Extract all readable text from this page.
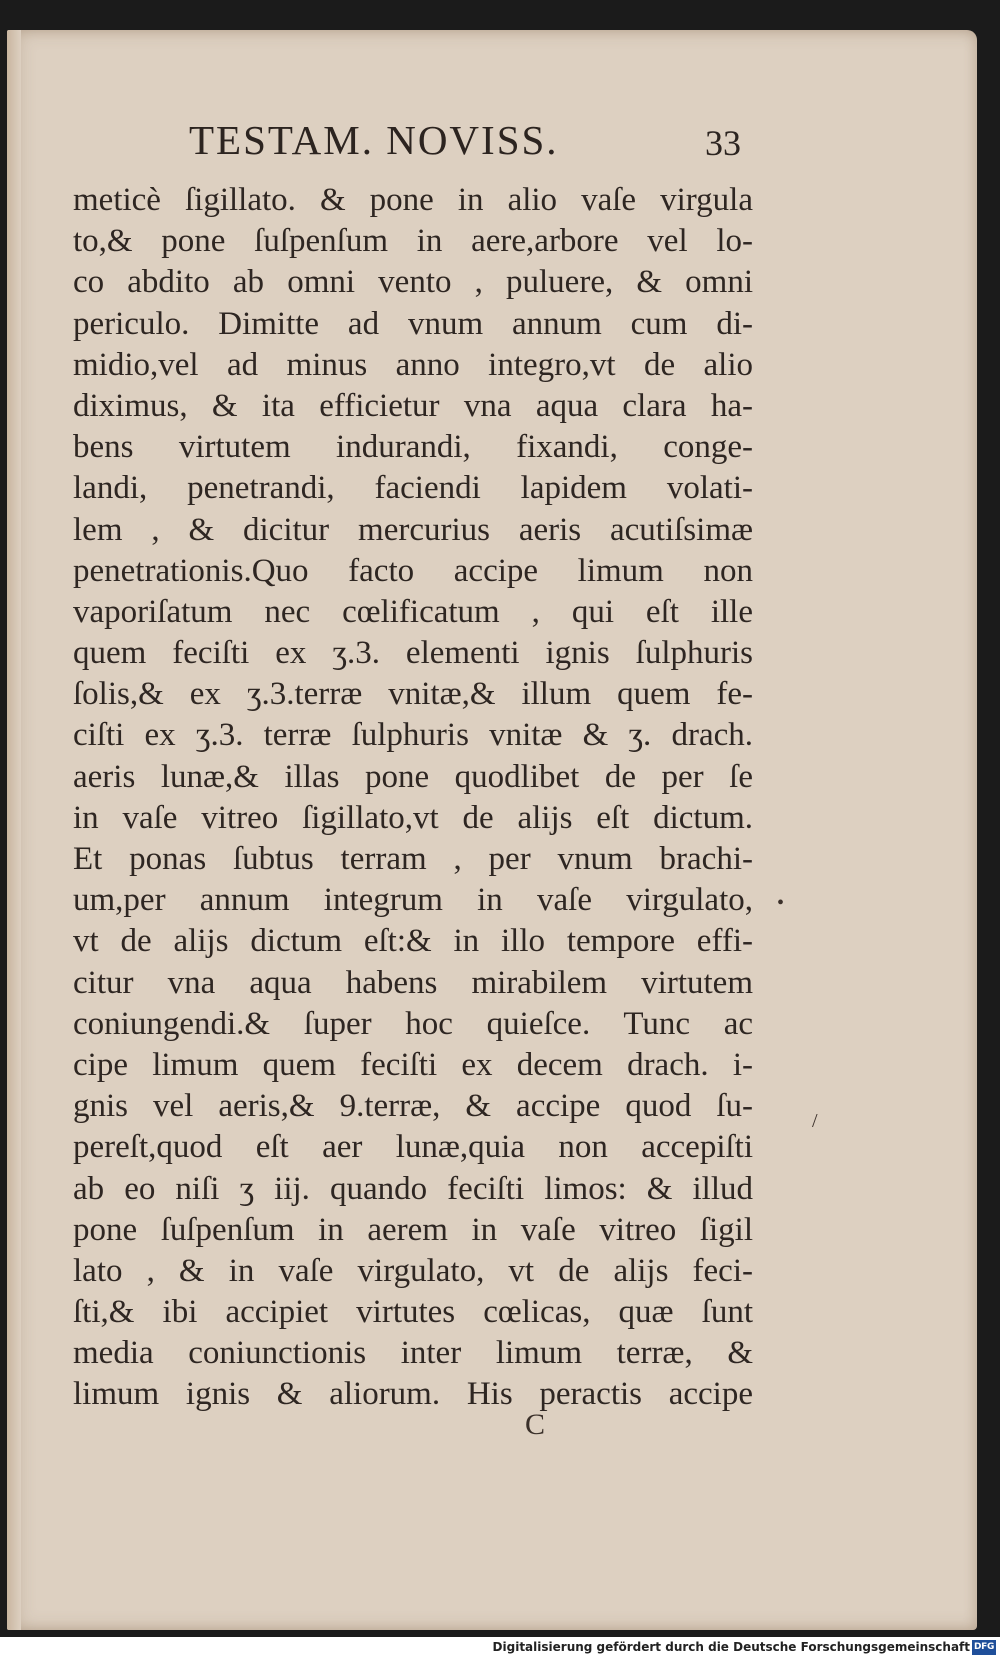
TESTAM. NOVISS.	33
meticè ſigillato. & pone in alio vaſe virgula
to,& pone ſuſpenſum in aere,arbore vel lo-
co abdito ab omni vento , puluere, & omni
periculo. Dimitte ad vnum annum cum di-
midio,vel ad minus anno integro,vt de alio
diximus, & ita efficietur vna aqua clara ha-
bens virtutem indurandi, fixandi, conge-
landi, penetrandi, faciendi lapidem volati-
lem , & dicitur mercurius aeris acutiſsimæ
penetrationis.Quo facto accipe limum non
vaporiſatum nec cœlificatum , qui eſt ille
quem feciſti ex ʒ.3. elementi ignis ſulphuris
ſolis,& ex ʒ.3.terræ vnitæ,& illum quem fe-
ciſti ex ʒ.3. terræ ſulphuris vnitæ & ʒ. drach.
aeris lunæ,& illas pone quodlibet de per ſe
in vaſe vitreo ſigillato,vt de alijs eſt dictum.
Et ponas ſubtus terram , per vnum brachi-
um,per annum integrum in vaſe virgulato,
vt de alijs dictum eſt:& in illo tempore effi-
citur vna aqua habens mirabilem virtutem
coniungendi.& ſuper hoc quieſce. Tunc ac
cipe limum quem feciſti ex decem drach. i-
gnis vel aeris,& 9.terræ, & accipe quod ſu-
pereſt,quod eſt aer lunæ,quia non accepiſti
ab eo niſi ʒ iij. quando feciſti limos: & illud
pone ſuſpenſum in aerem in vaſe vitreo ſigil
lato , & in vaſe virgulato, vt de alijs feci-
ſti,& ibi accipiet virtutes cœlicas, quæ ſunt
media coniunctionis inter limum terræ, &
limum ignis & aliorum. His peractis accipe
C
•
/
Digitalisierung gefördert durch die Deutsche Forschungsgemeinschaft DFG
